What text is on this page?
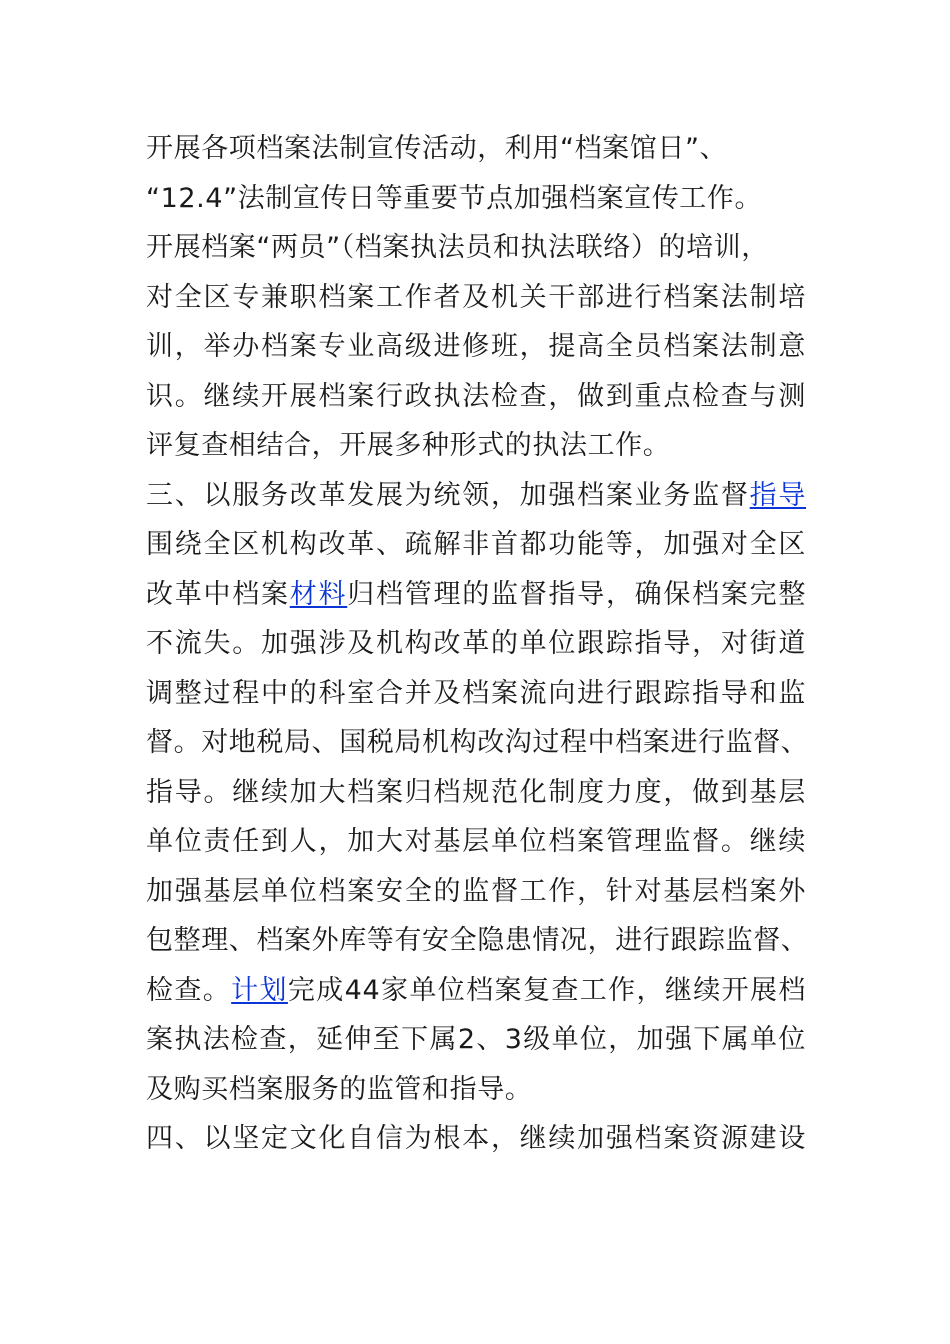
开展各项档案法制宣传活动，利用“档案馆日”、
“12.4”法制宣传日等重要节点加强档案宣传工作。
开展档案“两员”（档案执法员和执法联络）的培训，
对全区专兼职档案工作者及机关干部进行档案法制培
训，举办档案专业高级进修班，提高全员档案法制意
识。继续开展档案行政执法检查，做到重点检查与测
评复查相结合，开展多种形式的执法工作。
三、以服务改革发展为统领，加强档案业务监督指导
围绕全区机构改革、疏解非首都功能等，加强对全区
改革中档案材料归档管理的监督指导，确保档案完整
不流失。加强涉及机构改革的单位跟踪指导，对街道
调整过程中的科室合并及档案流向进行跟踪指导和监
督。对地税局、国税局机构改沟过程中档案进行监督、
指导。继续加大档案归档规范化制度力度，做到基层
单位责任到人，加大对基层单位档案管理监督。继续
加强基层单位档案安全的监督工作，针对基层档案外
包整理、档案外库等有安全隐患情况，进行跟踪监督、
检查。计划完成44家单位档案复查工作，继续开展档
案执法检查，延伸至下属2、3级单位，加强下属单位
及购买档案服务的监管和指导。
四、以坚定文化自信为根本，继续加强档案资源建设
